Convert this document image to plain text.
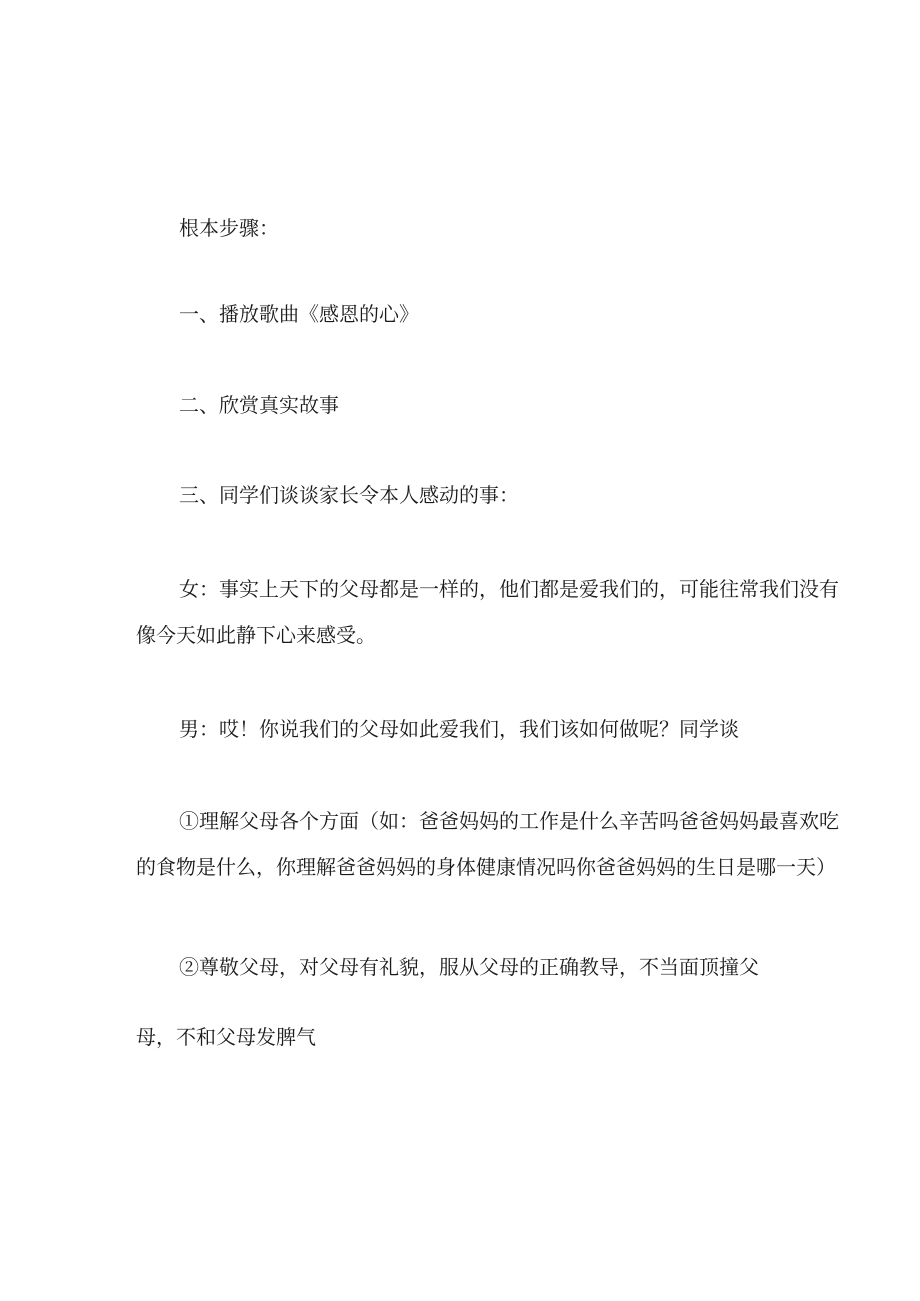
根本步骤：

一、播放歌曲《感恩的心》

二、欣赏真实故事

三、同学们谈谈家长令本人感动的事：

女：事实上天下的父母都是一样的，他们都是爱我们的，可能往常我们没有
像今天如此静下心来感受。

男：哎！你说我们的父母如此爱我们，我们该如何做呢？同学谈

①理解父母各个方面（如：爸爸妈妈的工作是什么辛苦吗爸爸妈妈最喜欢吃
的食物是什么，你理解爸爸妈妈的身体健康情况吗你爸爸妈妈的生日是哪一天）

②尊敬父母，对父母有礼貌，服从父母的正确教导，不当面顶撞父

母，不和父母发脾气
